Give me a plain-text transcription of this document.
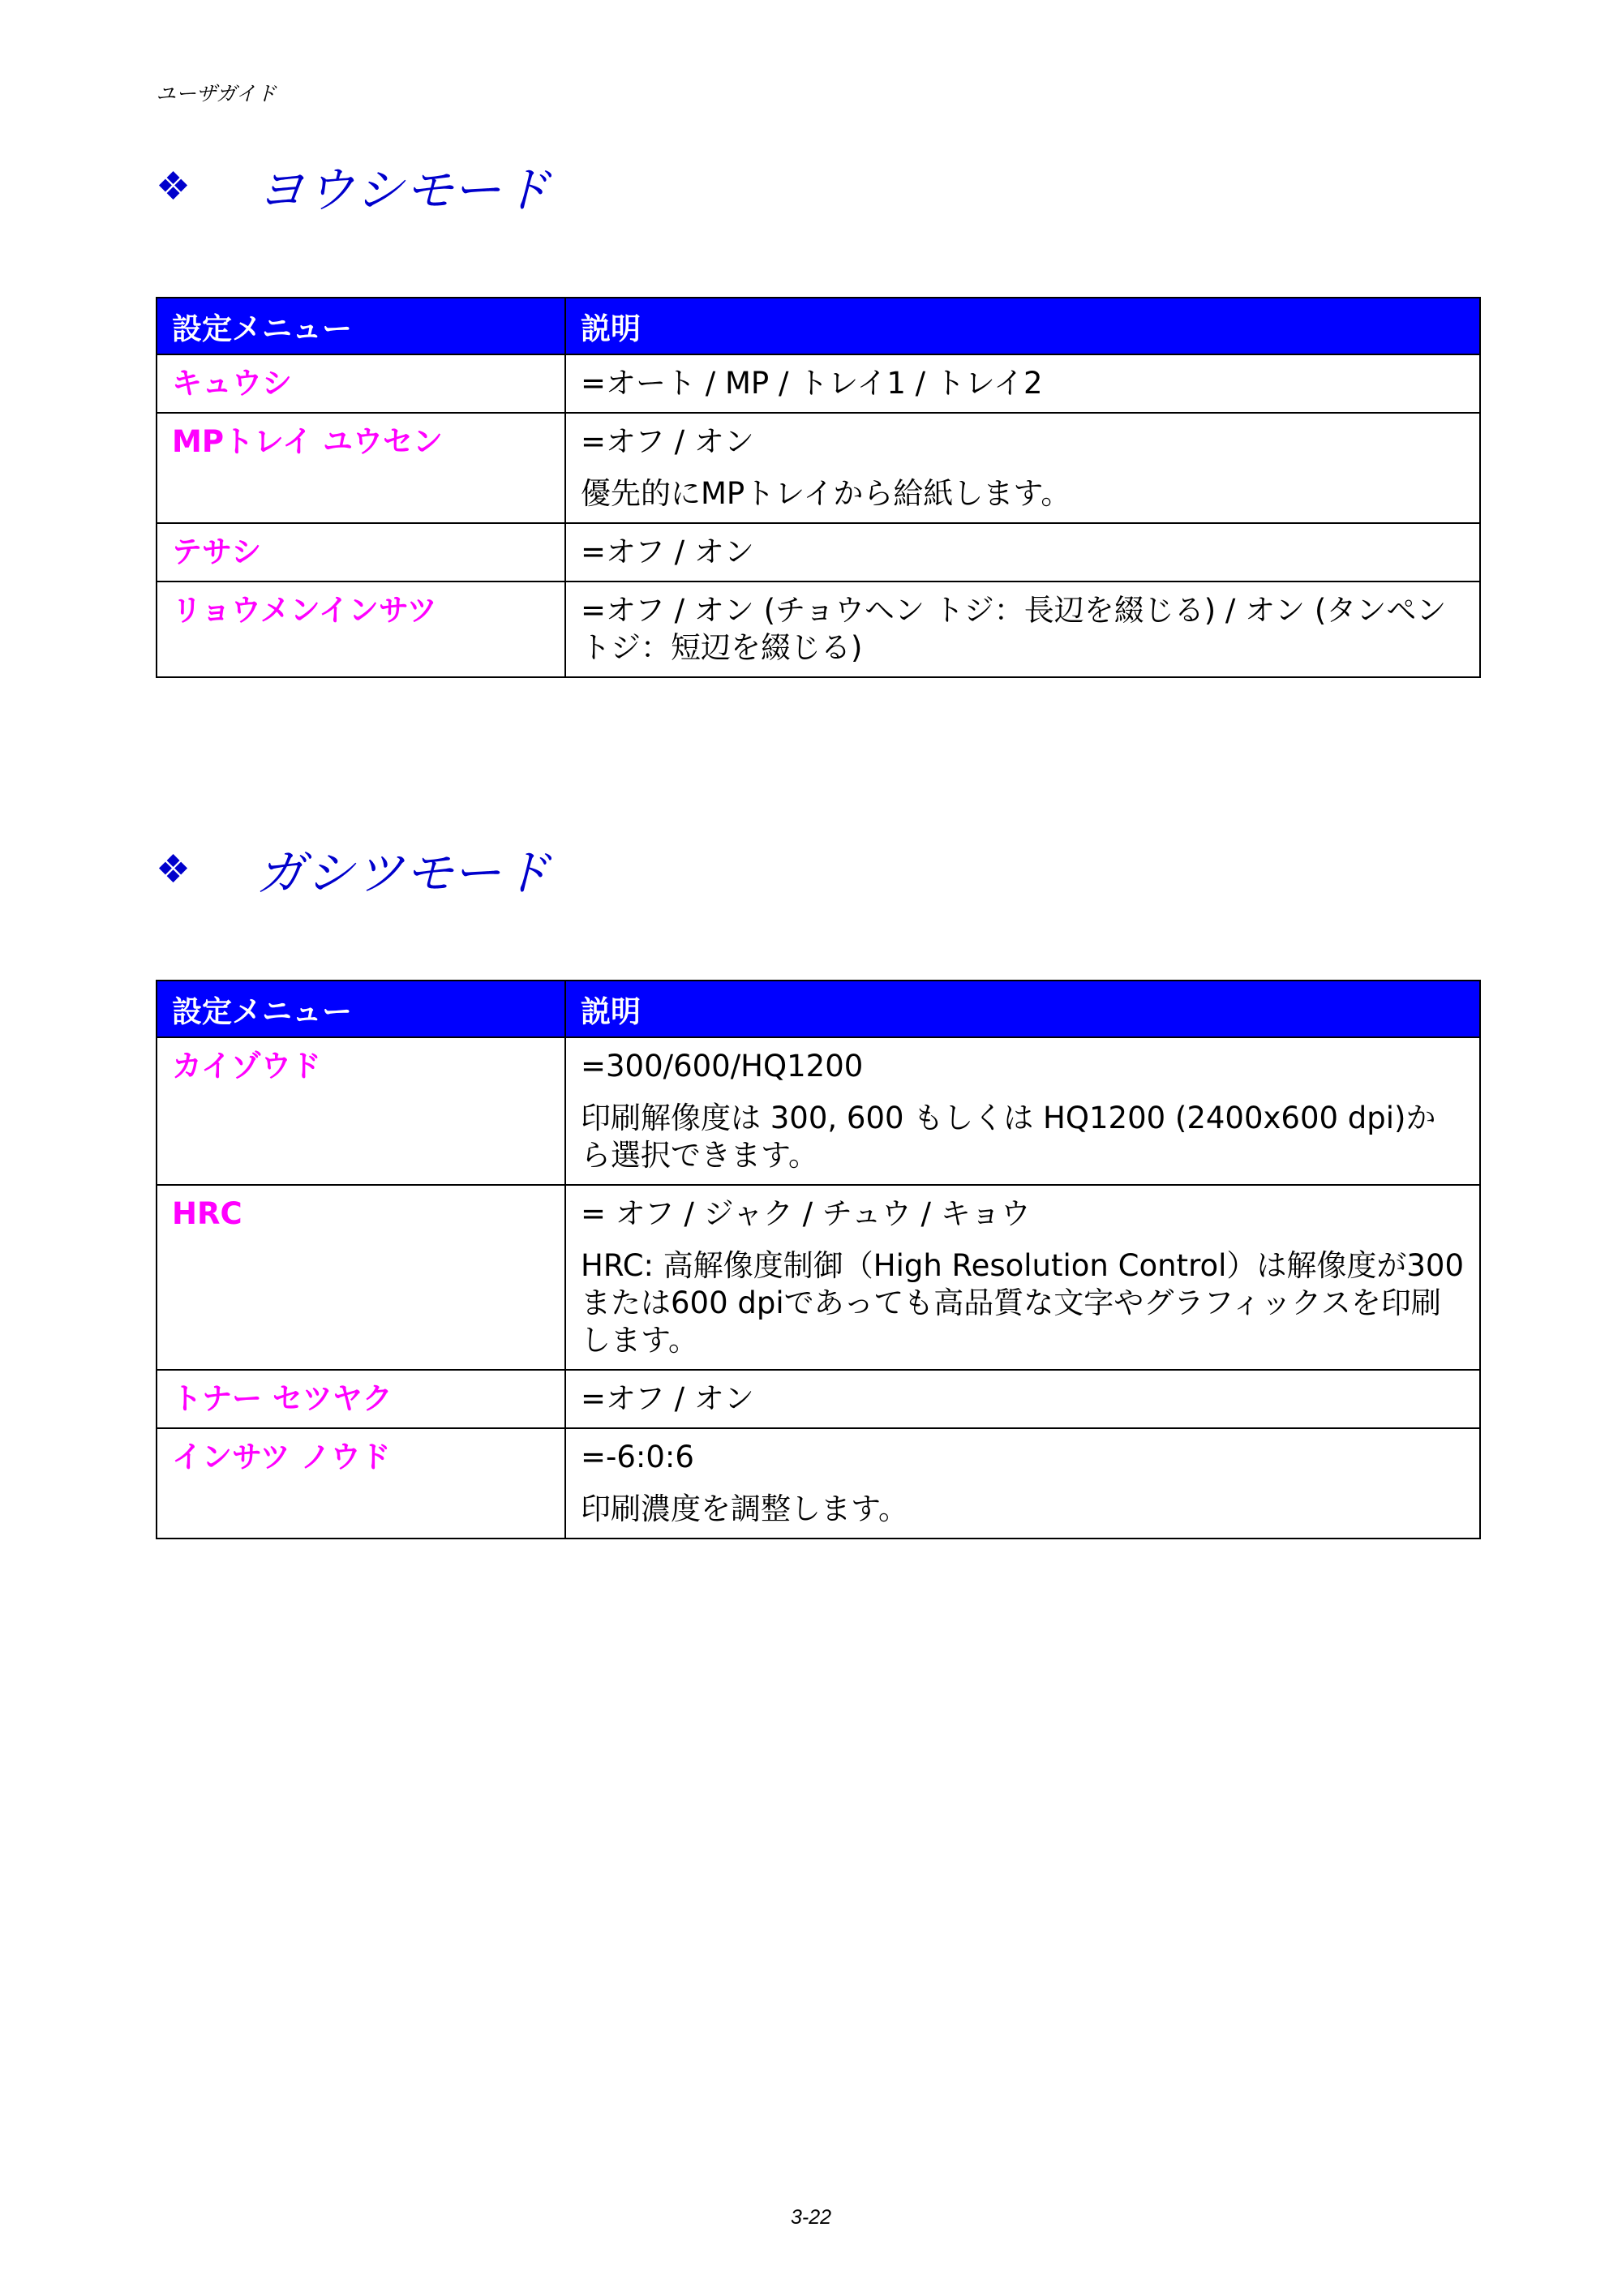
ユーザガイド
❖	ヨウシモード
設定メニュー	説明
キュウシ	=オート / MP / トレイ1 / トレイ2

MPトレイ ユウセン	=オフ / オン
優先的にMPトレイから給紙します。

テサシ	=オフ / オン

リョウメンインサツ	=オフ / オン (チョウヘン トジ：長辺を綴じる) / オン (タンペン トジ：短辺を綴じる)
❖	ガシツモード
設定メニュー	説明
カイゾウド	=300/600/HQ1200
印刷解像度は 300, 600 もしくは HQ1200 (2400x600 dpi)から選択できます。

HRC	= オフ / ジャク / チュウ / キョウ
HRC: 高解像度制御（High Resolution Control）は解像度が300または600 dpiであっても高品質な文字やグラフィックスを印刷します。

トナー セツヤク	=オフ / オン

インサツ ノウド	=-6:0:6
印刷濃度を調整します。
3-22
